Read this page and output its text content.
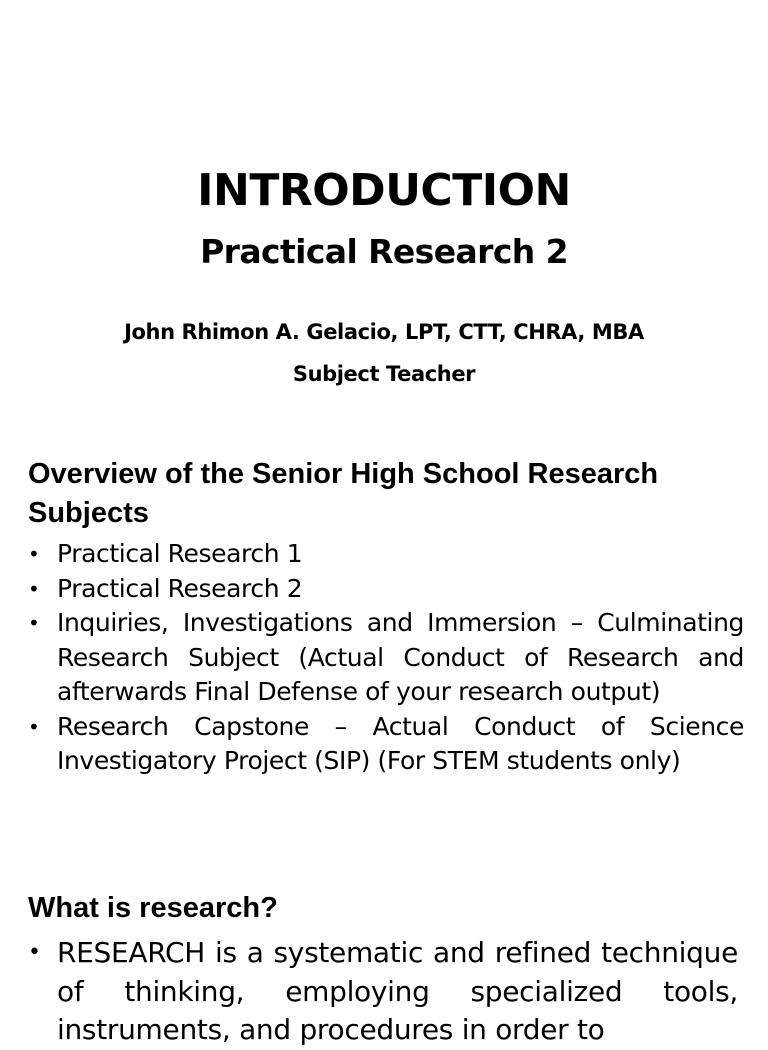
INTRODUCTION
Practical Research 2

John Rhimon A. Gelacio, LPT, CTT, CHRA, MBA

Subject Teacher

Overview of the Senior High School Research Subjects
• Practical Research 1
• Practical Research 2
• Inquiries, Investigations and Immersion – Culminating Research Subject (Actual Conduct of Research and afterwards Final Defense of your research output)
• Research Capstone – Actual Conduct of Science Investigatory Project (SIP) (For STEM students only)
What is research?
• RESEARCH is a systematic and refined technique of thinking, employing specialized tools, instruments, and procedures in order to
